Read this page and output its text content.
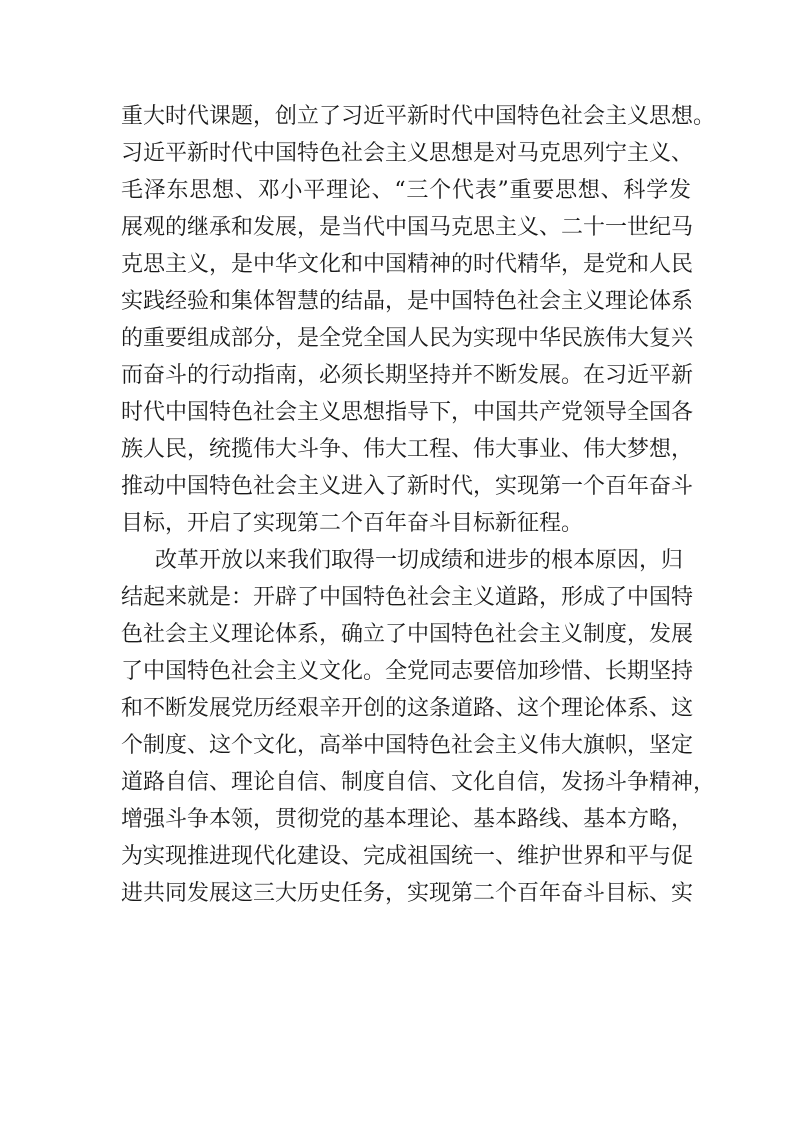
重大时代课题，创立了习近平新时代中国特色社会主义思想。
习近平新时代中国特色社会主义思想是对马克思列宁主义、
毛泽东思想、邓小平理论、“三个代表”重要思想、科学发
展观的继承和发展，是当代中国马克思主义、二十一世纪马
克思主义，是中华文化和中国精神的时代精华，是党和人民
实践经验和集体智慧的结晶，是中国特色社会主义理论体系
的重要组成部分，是全党全国人民为实现中华民族伟大复兴
而奋斗的行动指南，必须长期坚持并不断发展。在习近平新
时代中国特色社会主义思想指导下，中国共产党领导全国各
族人民，统揽伟大斗争、伟大工程、伟大事业、伟大梦想，
推动中国特色社会主义进入了新时代，实现第一个百年奋斗
目标，开启了实现第二个百年奋斗目标新征程。
改革开放以来我们取得一切成绩和进步的根本原因，归
结起来就是：开辟了中国特色社会主义道路，形成了中国特
色社会主义理论体系，确立了中国特色社会主义制度，发展
了中国特色社会主义文化。全党同志要倍加珍惜、长期坚持
和不断发展党历经艰辛开创的这条道路、这个理论体系、这
个制度、这个文化，高举中国特色社会主义伟大旗帜，坚定
道路自信、理论自信、制度自信、文化自信，发扬斗争精神，
增强斗争本领，贯彻党的基本理论、基本路线、基本方略，
为实现推进现代化建设、完成祖国统一、维护世界和平与促
进共同发展这三大历史任务，实现第二个百年奋斗目标、实
